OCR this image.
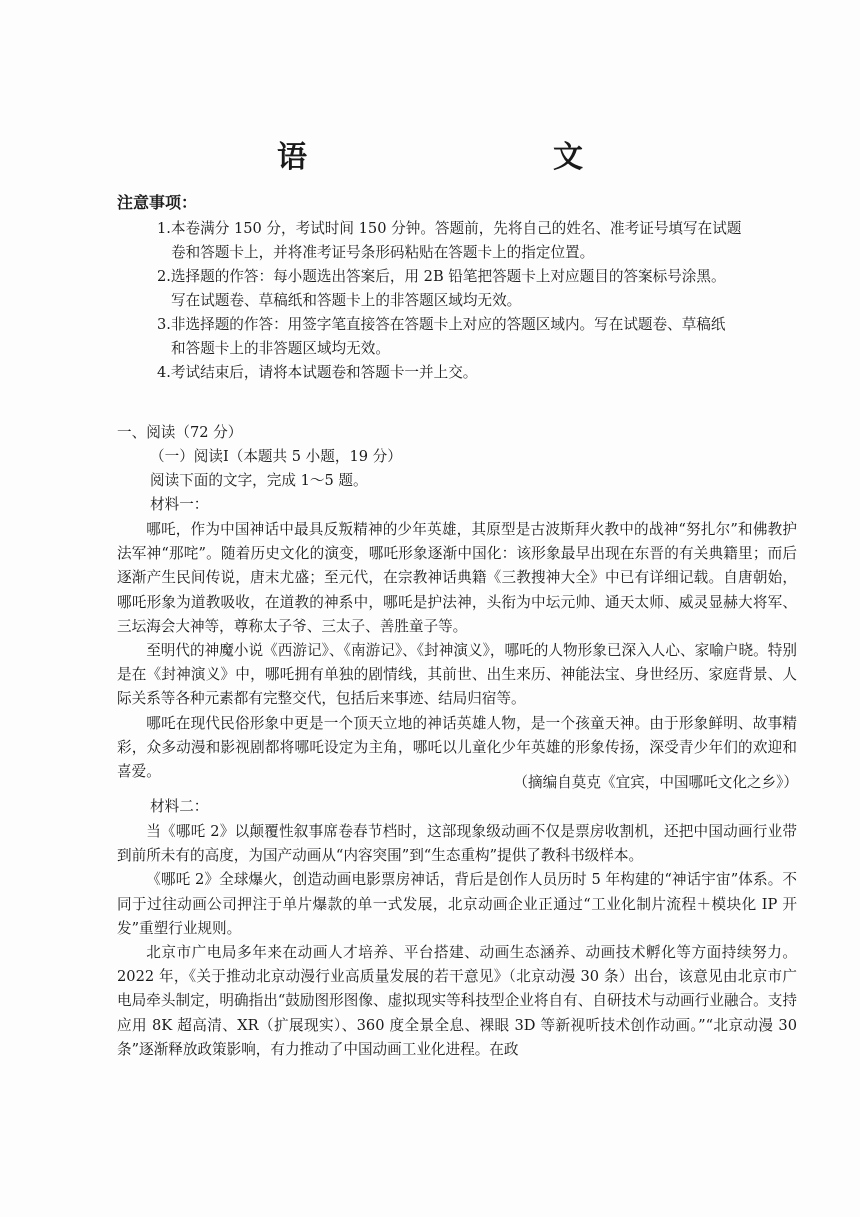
语　　文
注意事项：
1.本卷满分 150 分，考试时间 150 分钟。答题前，先将自己的姓名、准考证号填写在试题
卷和答题卡上，并将准考证号条形码粘贴在答题卡上的指定位置。
2.选择题的作答：每小题选出答案后，用 2B 铅笔把答题卡上对应题目的答案标号涂黑。
写在试题卷、草稿纸和答题卡上的非答题区域均无效。
3.非选择题的作答：用签字笔直接答在答题卡上对应的答题区域内。写在试题卷、草稿纸
和答题卡上的非答题区域均无效。
4.考试结束后，请将本试题卷和答题卡一并上交。
一、阅读（72 分）
（一）阅读Ⅰ（本题共 5 小题，19 分）
阅读下面的文字，完成 1～5 题。
材料一：

哪吒，作为中国神话中最具反叛精神的少年英雄，其原型是古波斯拜火教中的战神“努扎尔”和佛教护法军神“那咤”。随着历史文化的演变，哪吒形象逐渐中国化：该形象最早出现在东晋的有关典籍里；而后逐渐产生民间传说，唐末尤盛；至元代，在宗教神话典籍《三教搜神大全》中已有详细记载。自唐朝始，哪吒形象为道教吸收，在道教的神系中，哪吒是护法神，头衔为中坛元帅、通天太师、威灵显赫大将军、三坛海会大神等，尊称太子爷、三太子、善胜童子等。

至明代的神魔小说《西游记》、《南游记》、《封神演义》，哪吒的人物形象已深入人心、家喻户晓。特别是在《封神演义》中，哪吒拥有单独的剧情线，其前世、出生来历、神能法宝、身世经历、家庭背景、人际关系等各种元素都有完整交代，包括后来事迹、结局归宿等。

哪吒在现代民俗形象中更是一个顶天立地的神话英雄人物，是一个孩童天神。由于形象鲜明、故事精彩，众多动漫和影视剧都将哪吒设定为主角，哪吒以儿童化少年英雄的形象传扬，深受青少年们的欢迎和喜爱。

（摘编自莫克《宜宾，中国哪吒文化之乡》）
材料二：

当《哪吒 2》以颠覆性叙事席卷春节档时，这部现象级动画不仅是票房收割机，还把中国动画行业带到前所未有的高度，为国产动画从“内容突围”到“生态重构”提供了教科书级样本。

《哪吒 2》全球爆火，创造动画电影票房神话，背后是创作人员历时 5 年构建的“神话宇宙”体系。不同于过往动画公司押注于单片爆款的单一式发展，北京动画企业正通过“工业化制片流程＋模块化 IP 开发”重塑行业规则。

北京市广电局多年来在动画人才培养、平台搭建、动画生态涵养、动画技术孵化等方面持续努力。2022 年，《关于推动北京动漫行业高质量发展的若干意见》（北京动漫 30 条）出台，该意见由北京市广电局牵头制定，明确指出“鼓励图形图像、虚拟现实等科技型企业将自有、自研技术与动画行业融合。支持应用 8K 超高清、XR（扩展现实）、360 度全景全息、裸眼 3D 等新视听技术创作动画。”“北京动漫 30 条”逐渐释放政策影响，有力推动了中国动画工业化进程。在政
